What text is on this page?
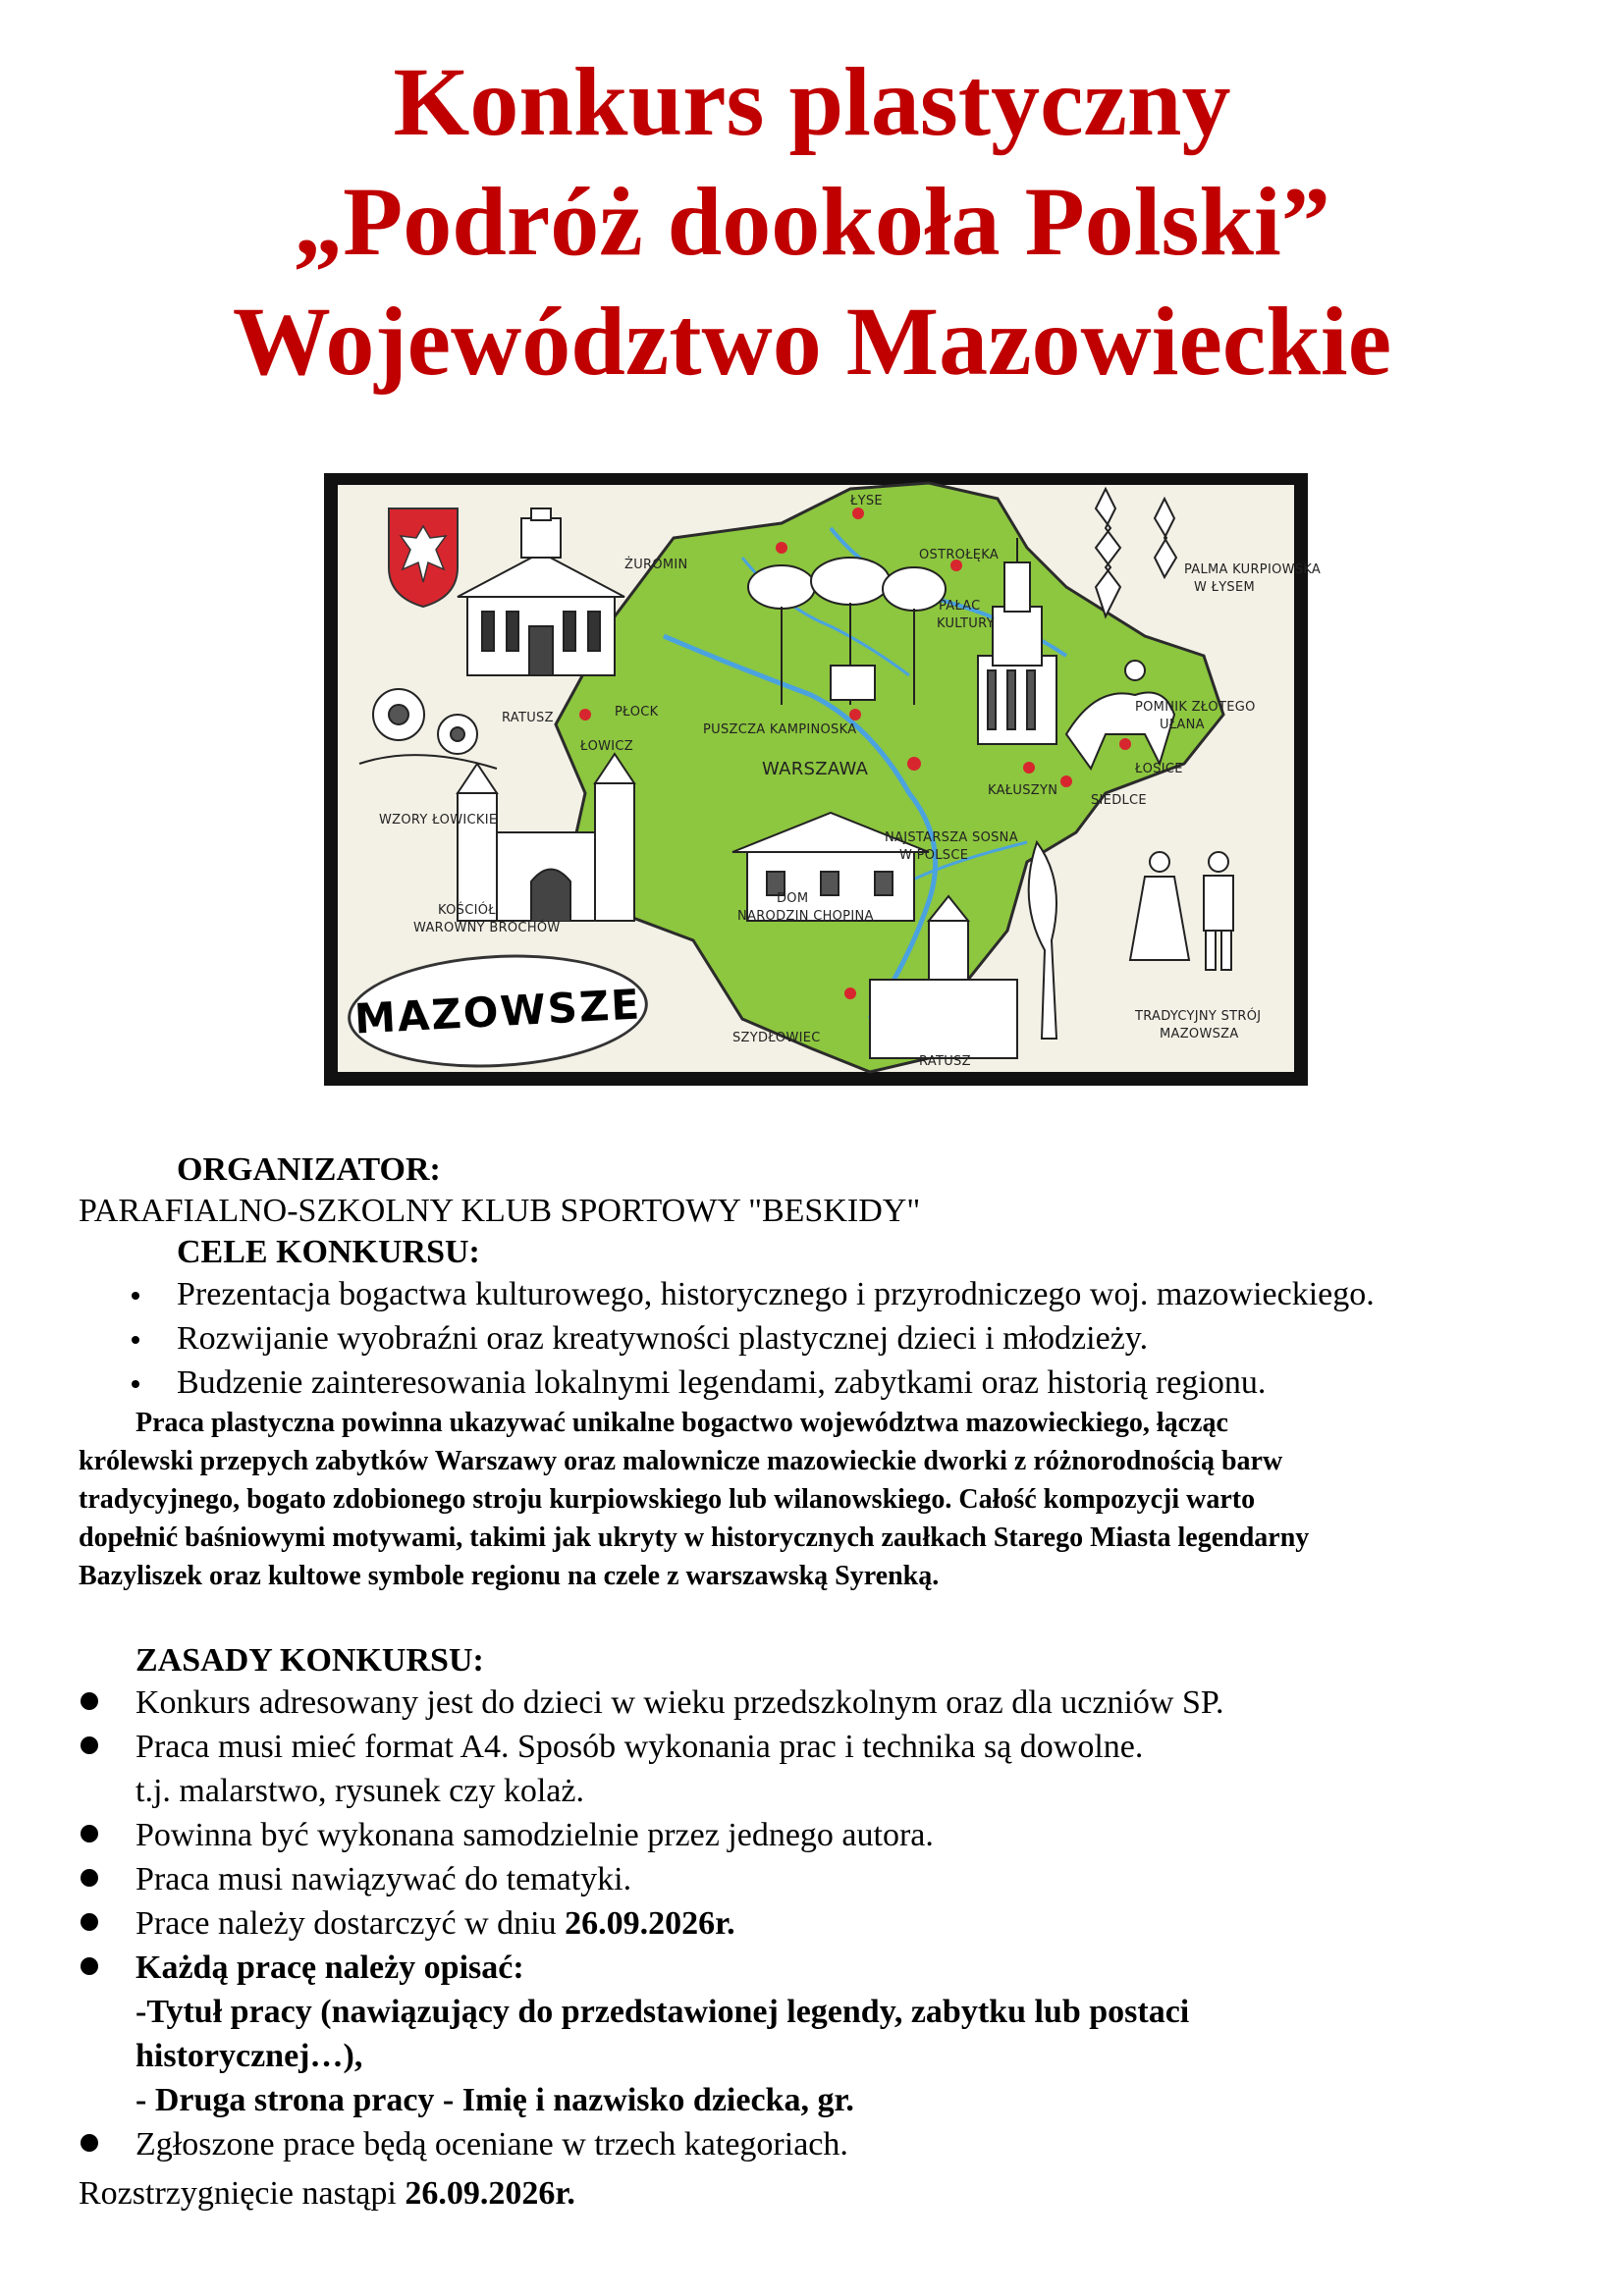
Konkurs plastyczny
„Podróż dookoła Polski”
Województwo Mazowieckie
ŁYSE
OSTROŁĘKA
ŻUROMIN	PALMA KURPIOWSKA
W ŁYSEM
PAŁAC
KULTURY
RATUSZ	PŁOCK
PUSZCZA KAMPINOSKA
ŁOWICZ
POMNIK ZŁOTEGO
UŁANA
WARSZAWA
KAŁUSZYN
ŁOSICE
SIEDLCE
WZORY ŁOWICKIE
NAJSTARSZA SOSNA
W POLSCE
DOM
NARODZIN CHOPINA
KOŚCIÓŁ
WAROWNY BROCHÓW
TRADYCYJNY STRÓJ
MAZOWSZA
SZYDŁOWIEC
RATUSZ
MAZOWSZE

ORGANIZATOR:

PARAFIALNO-SZKOLNY KLUB SPORTOWY "BESKIDY"

CELE KONKURSU:

Prezentacja bogactwa kulturowego, historycznego i przyrodniczego woj. mazowieckiego.
Rozwijanie wyobraźni oraz kreatywności plastycznej dzieci i młodzieży.
Budzenie zainteresowania lokalnymi legendami, zabytkami oraz historią regionu.
Praca plastyczna powinna ukazywać unikalne bogactwo województwa mazowieckiego, łącząc
królewski przepych zabytków Warszawy oraz malownicze mazowieckie dworki z różnorodnością barw
tradycyjnego, bogato zdobionego stroju kurpiowskiego lub wilanowskiego. Całość kompozycji warto
dopełnić baśniowymi motywami, takimi jak ukryty w historycznych zaułkach Starego Miasta legendarny
Bazyliszek oraz kultowe symbole regionu na czele z warszawską Syrenką.

ZASADY KONKURSU:

Konkurs adresowany jest do dzieci w wieku przedszkolnym oraz dla uczniów SP.
Praca musi mieć format A4. Sposób wykonania prac i technika są dowolne.
t.j. malarstwo, rysunek czy kolaż.
Powinna być wykonana samodzielnie przez jednego autora.
Praca musi nawiązywać do tematyki.
Prace należy dostarczyć w dniu 26.09.2026r.
Każdą pracę należy opisać:
-Tytuł pracy (nawiązujący do przedstawionej legendy, zabytku lub postaci
historycznej…),
- Druga strona pracy - Imię i nazwisko dziecka, gr.
Zgłoszone prace będą oceniane w trzech kategoriach.

Rozstrzygnięcie nastąpi 26.09.2026r.
